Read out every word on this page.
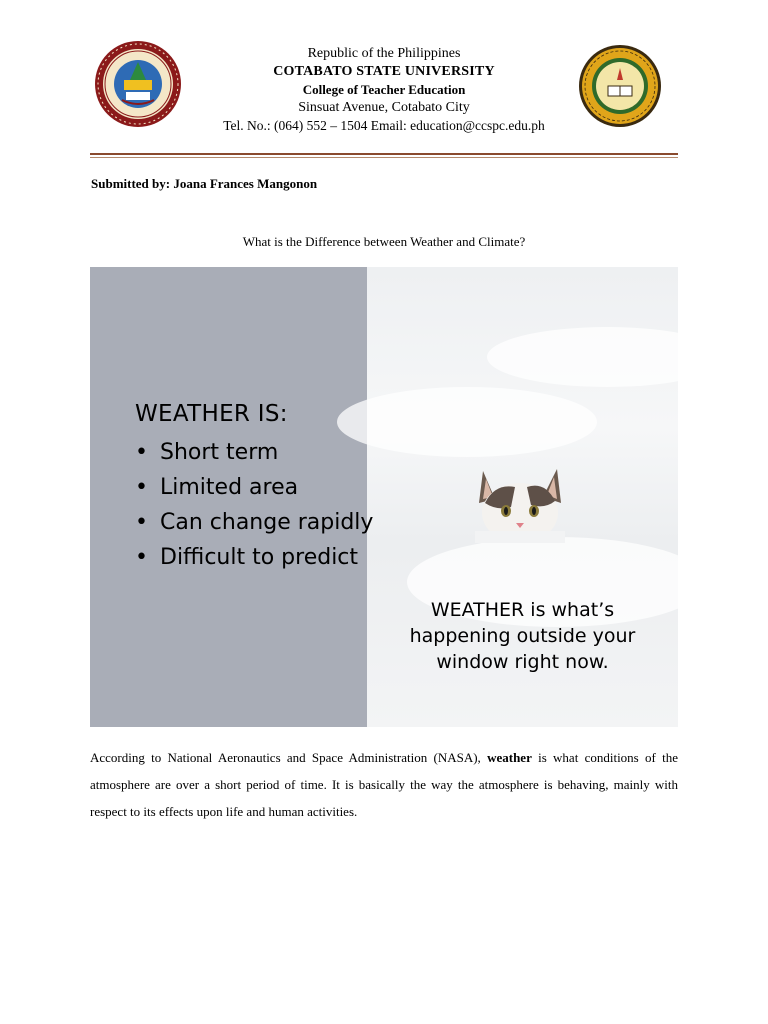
Republic of the Philippines
COTABATO STATE UNIVERSITY
College of Teacher Education
Sinsuat Avenue, Cotabato City
Tel. No.: (064) 552 – 1504 Email: education@ccspc.edu.ph
Submitted by: Joana Frances Mangonon
What is the Difference between Weather and Climate?
WEATHER IS:
• Short term
• Limited area
• Can change rapidly
• Difficult to predict
WEATHER is what’s
happening outside your
window right now.

According to National Aeronautics and Space Administration (NASA), weather is what conditions of the atmosphere are over a short period of time. It is basically the way the atmosphere is behaving, mainly with respect to its effects upon life and human activities.
